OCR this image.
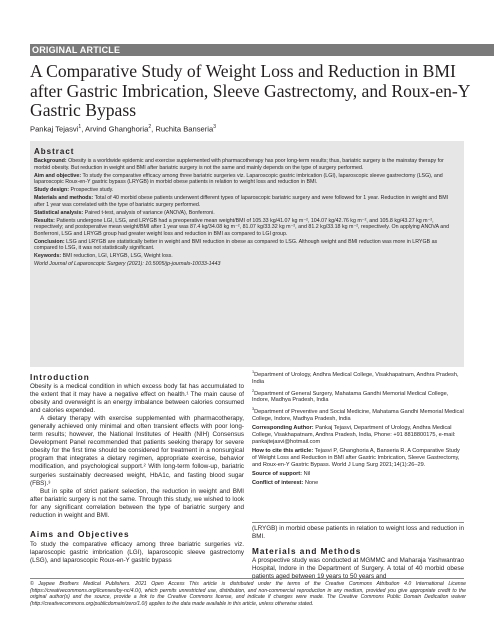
ORIGINAL ARTICLE
A Comparative Study of Weight Loss and Reduction in BMI after Gastric Imbrication, Sleeve Gastrectomy, and Roux-en-Y Gastric Bypass
Pankaj Tejasvi$^1$, Arvind Ghanghoria$^2$, Ruchita Banseria$^3$
Abstract

Background: Obesity is a worldwide epidemic and exercise supplemented with pharmacotherapy has poor long-term results; thus, bariatric surgery is the mainstay therapy for morbid obesity. But reduction in weight and BMI after bariatric surgery is not the same and mainly depends on the type of surgery performed.

Aim and objective: To study the comparative efficacy among three bariatric surgeries viz. Laparoscopic gastric imbrication (LGI), laparoscopic sleeve gastrectomy (LSG), and laparoscopic Roux-en-Y gastric bypass (LRYGB) in morbid obese patients in relation to weight loss and reduction in BMI.

Study design: Prospective study.

Materials and methods: Total of 40 morbid obese patients underwent different types of laparoscopic bariatric surgery and were followed for 1 year. Reduction in weight and BMI after 1 year was correlated with the type of bariatric surgery performed.

Statistical analysis: Paired t-test, analysis of variance (ANOVA), Bonferroni.

Results: Patients undergone LGI, LSG, and LRYGB had a preoperative mean weight/BMI of 105.33 kg/41.07 kg m⁻², 104.07 kg/42.76 kg m⁻², and 105.8 kg/43.27 kg m⁻², respectively; and postoperative mean weight/BMI after 1 year was 87.4 kg/34.08 kg m⁻², 81.07 kg/33.32 kg m⁻², and 81.2 kg/33.18 kg m⁻², respectively. On applying ANOVA and Bonferroni, LSG and LRYGB group had greater weight loss and reduction in BMI as compared to LGI group.

Conclusion: LSG and LRYGB are statistically better in weight and BMI reduction in obese as compared to LSG. Although weight and BMI reduction was more in LRYGB as compared to LSG, it was not statistically significant.

Keywords: BMI reduction, LGI, LRYGB, LSG, Weight loss.

World Journal of Laparoscopic Surgery (2021): 10.5005/jp-journals-10033-1443

Introduction

Obesity is a medical condition in which excess body fat has accumulated to the extent that it may have a negative effect on health.¹ The main cause of obesity and overweight is an energy imbalance between calories consumed and calories expended.

A dietary therapy with exercise supplemented with pharmacotherapy, generally achieved only minimal and often transient effects with poor long-term results; however, the National Institutes of Health (NIH) Consensus Development Panel recommended that patients seeking therapy for severe obesity for the first time should be considered for treatment in a nonsurgical program that integrates a dietary regimen, appropriate exercise, behavior modification, and psychological support.² With long-term follow-up, bariatric surgeries sustainably decreased weight, HbA1c, and fasting blood sugar (FBS).³

But in spite of strict patient selection, the reduction in weight and BMI after bariatric surgery is not the same. Through this study, we wished to look for any significant correlation between the type of bariatric surgery and reduction in weight and BMI.

Aims and Objectives
To study the comparative efficacy among three bariatric surgeries viz. laparoscopic gastric imbrication (LGI), laparoscopic sleeve gastrectomy (LSG), and laparoscopic Roux-en-Y gastric bypass

$^1$Department of Urology, Andhra Medical College, Visakhapatnam, Andhra Pradesh, India

$^2$Department of General Surgery, Mahatama Gandhi Memorial Medical College, Indore, Madhya Pradesh, India

$^3$Department of Preventive and Social Medicine, Mahatama Gandhi Memorial Medical College, Indore, Madhya Pradesh, India

Corresponding Author: Pankaj Tejasvi, Department of Urology, Andhra Medical College, Visakhapatnam, Andhra Pradesh, India, Phone: +91 8818800175, e-mail: pankajtejasvi@hotmail.com

How to cite this article: Tejasvi P, Ghanghoria A, Banseria R. A Comparative Study of Weight Loss and Reduction in BMI after Gastric Imbrication, Sleeve Gastrectomy, and Roux-en-Y Gastric Bypass. World J Lung Surg 2021;14(1):26–29.

Source of support: Nil

Conflict of interest: None

(LRYGB) in morbid obese patients in relation to weight loss and reduction in BMI.
Materials and Methods
A prospective study was conducted at MGMMC and Maharaja Yashwantrao Hospital, Indore in the Department of Surgery. A total of 40 morbid obese patients aged between 19 years to 50 years and
© Jaypee Brothers Medical Publishers. 2021 Open Access This article is distributed under the terms of the Creative Commons Attribution 4.0 International License (https://creativecommons.org/licenses/by-nc/4.0/), which permits unrestricted use, distribution, and non-commercial reproduction in any medium, provided you give appropriate credit to the original author(s) and the source, provide a link to the Creative Commons license, and indicate if changes were made. The Creative Commons Public Domain Dedication waiver (http://creativecommons.org/publicdomain/zero/1.0/) applies to the data made available in this article, unless otherwise stated.
